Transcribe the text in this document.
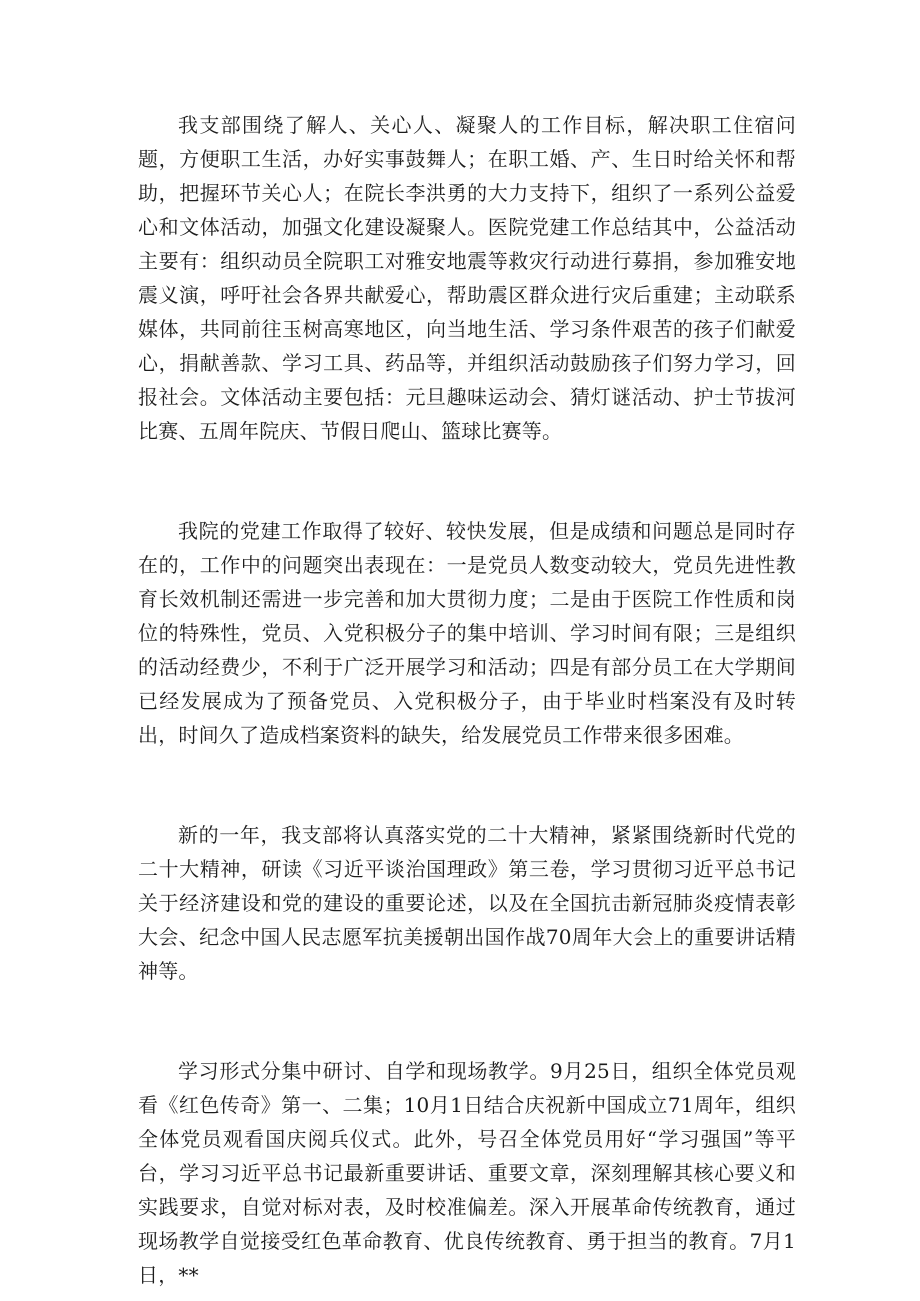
我支部围绕了解人、关心人、凝聚人的工作目标，解决职工住宿问题，方便职工生活，办好实事鼓舞人；在职工婚、产、生日时给关怀和帮助，把握环节关心人；在院长李洪勇的大力支持下，组织了一系列公益爱心和文体活动，加强文化建设凝聚人。医院党建工作总结其中，公益活动主要有：组织动员全院职工对雅安地震等救灾行动进行募捐，参加雅安地震义演，呼吁社会各界共献爱心，帮助震区群众进行灾后重建；主动联系媒体，共同前往玉树高寒地区，向当地生活、学习条件艰苦的孩子们献爱心，捐献善款、学习工具、药品等，并组织活动鼓励孩子们努力学习，回报社会。文体活动主要包括：元旦趣味运动会、猜灯谜活动、护士节拔河比赛、五周年院庆、节假日爬山、篮球比赛等。

我院的党建工作取得了较好、较快发展，但是成绩和问题总是同时存在的，工作中的问题突出表现在：一是党员人数变动较大，党员先进性教育长效机制还需进一步完善和加大贯彻力度；二是由于医院工作性质和岗位的特殊性，党员、入党积极分子的集中培训、学习时间有限；三是组织的活动经费少，不利于广泛开展学习和活动；四是有部分员工在大学期间已经发展成为了预备党员、入党积极分子，由于毕业时档案没有及时转出，时间久了造成档案资料的缺失，给发展党员工作带来很多困难。

新的一年，我支部将认真落实党的二十大精神，紧紧围绕新时代党的二十大精神，研读《习近平谈治国理政》第三卷，学习贯彻习近平总书记关于经济建设和党的建设的重要论述，以及在全国抗击新冠肺炎疫情表彰大会、纪念中国人民志愿军抗美援朝出国作战70周年大会上的重要讲话精神等。

学习形式分集中研讨、自学和现场教学。9月25日，组织全体党员观看《红色传奇》第一、二集；10月1日结合庆祝新中国成立71周年，组织全体党员观看国庆阅兵仪式。此外，号召全体党员用好“学习强国”等平台，学习习近平总书记最新重要讲话、重要文章，深刻理解其核心要义和实践要求，自觉对标对表，及时校准偏差。深入开展革命传统教育，通过现场教学自觉接受红色革命教育、优良传统教育、勇于担当的教育。7月1日，**
